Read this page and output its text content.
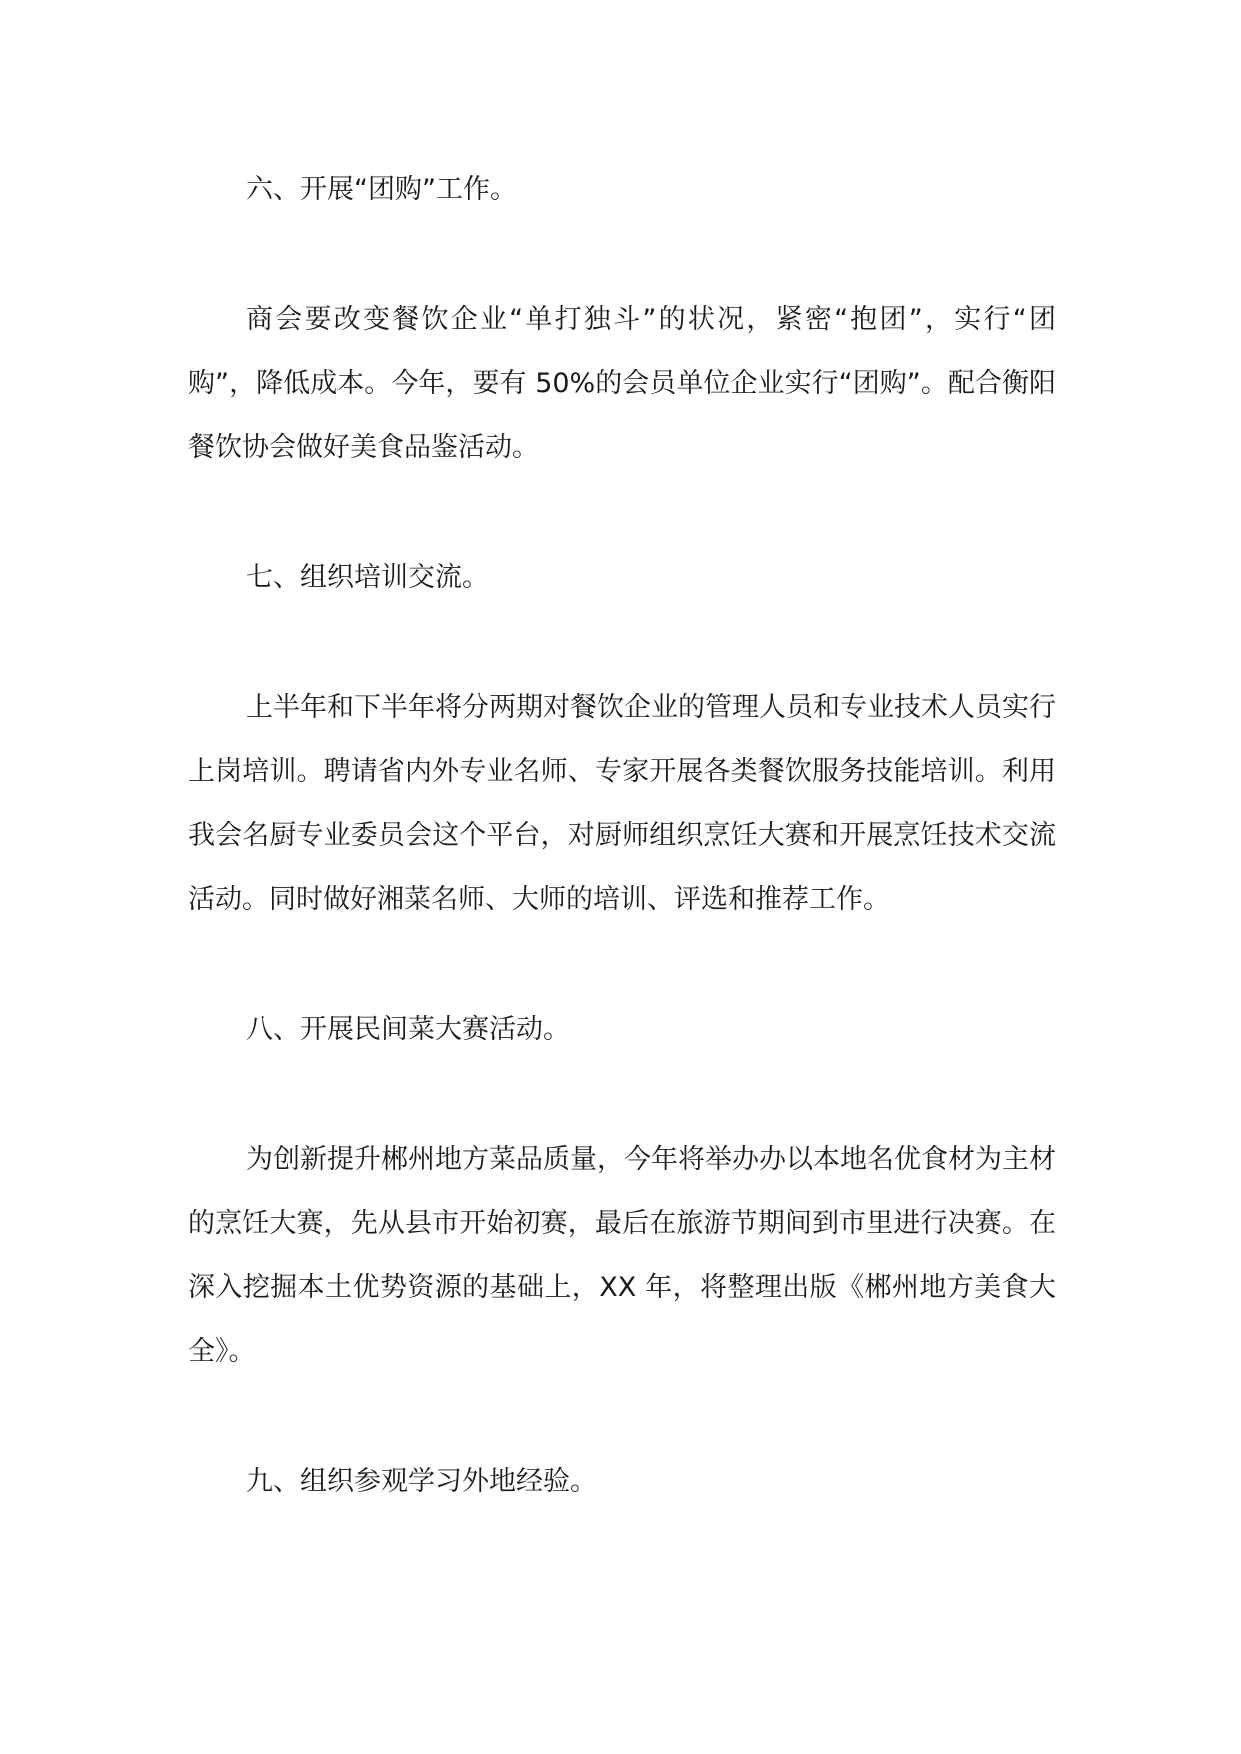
六、开展“团购”工作。

商会要改变餐饮企业“单打独斗”的状况，紧密“抱团”，实行“团购”，降低成本。今年，要有 50%的会员单位企业实行“团购”。配合衡阳餐饮协会做好美食品鉴活动。

七、组织培训交流。

上半年和下半年将分两期对餐饮企业的管理人员和专业技术人员实行上岗培训。聘请省内外专业名师、专家开展各类餐饮服务技能培训。利用我会名厨专业委员会这个平台，对厨师组织烹饪大赛和开展烹饪技术交流活动。同时做好湘菜名师、大师的培训、评选和推荐工作。

八、开展民间菜大赛活动。

为创新提升郴州地方菜品质量，今年将举办办以本地名优食材为主材的烹饪大赛，先从县市开始初赛，最后在旅游节期间到市里进行决赛。在深入挖掘本土优势资源的基础上，XX 年，将整理出版《郴州地方美食大全》。

九、组织参观学习外地经验。
